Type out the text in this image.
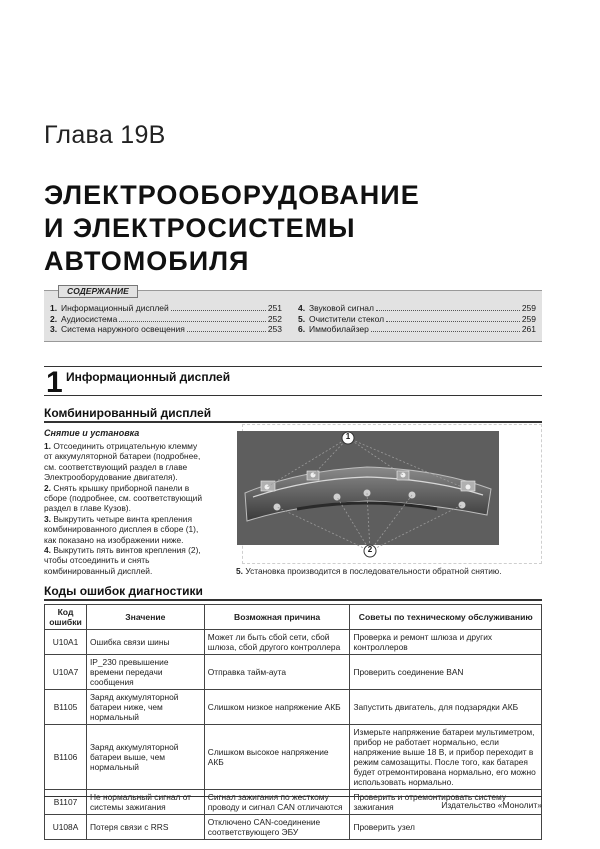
Глава 19В
ЭЛЕКТРООБОРУДОВАНИЕ
И ЭЛЕКТРОСИСТЕМЫ
АВТОМОБИЛЯ
СОДЕРЖАНИЕ
1. Информационный дисплей	251
2. Аудиосистема	252
3. Система наружного освещения	253
4. Звуковой сигнал	259
5. Очистители стекол	259
6. Иммобилайзер	261
1 Информационный дисплей
Комбинированный дисплей
Снятие и установка
1. Отсоединить отрицательную клемму от аккумуляторной батареи (подробнее, см. соответствующий раздел в главе Электрооборудование двигателя).
2. Снять крышку приборной панели в сборе (подробнее, см. соответствующий раздел в главе Кузов).
3. Выкрутить четыре винта крепления комбинированного дисплея в сборе (1), как показано на изображении ниже.
4. Выкрутить пять винтов крепления (2), чтобы отсоединить и снять комбинированный дисплей.
1
2
5. Установка производится в последовательности обратной снятию.
Коды ошибок диагностики
Код ошибки	Значение	Возможная причина	Советы по техническому обслуживанию
U10A1	Ошибка связи шины	Может ли быть сбой сети, сбой шлюза, сбой другого контроллера	Проверка и ремонт шлюза и других контроллеров
U10A7	IP_230 превышение времени передачи сообщения	Отправка тайм-аута	Проверить соединение BAN
B1105	Заряд аккумуляторной батареи ниже, чем нормальный	Слишком низкое напряжение АКБ	Запустить двигатель, для подзарядки АКБ
B1106	Заряд аккумуляторной батареи выше, чем нормальный	Слишком высокое напряжение АКБ	Измерьте напряжение батареи мультиметром, прибор не работает нормально, если напряжение выше 18 В, и прибор переходит в режим самозащиты. После того, как батарея будет отремонтирована нормально, его можно использовать нормально.
B1107	Не нормальный сигнал от системы зажигания	Сигнал зажигания по жесткому проводу и сигнал CAN отличаются	Проверить и отремонтировать систему зажигания
U108A	Потеря связи с RRS	Отключено CAN-соединение соответствующего ЭБУ	Проверить узел
Издательство «Монолит»
